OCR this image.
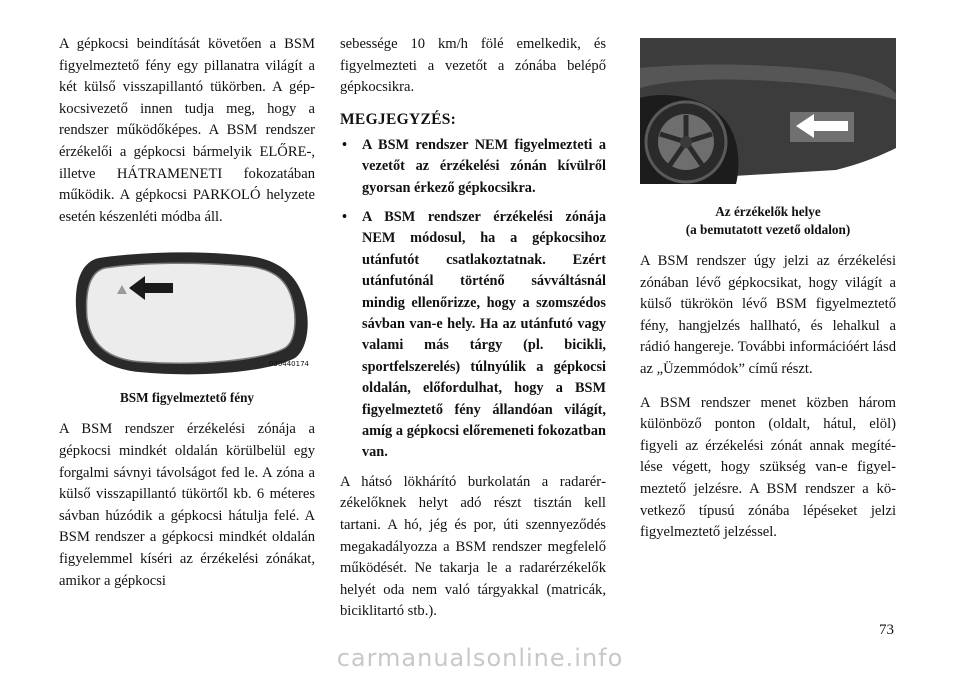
A gépkocsi beindítását követően a BSM figyelmeztető fény egy pillanatra világít a két külső visszapillantó tükörben. A gépkocsivezető innen tudja meg, hogy a rendszer működőképes. A BSM rendszer érzékelői a gépkocsi bármelyik ELŐRE-, illetve HÁTRAMENETI fokozatában működik. A gépkocsi PARKOLÓ helyzete esetén készenléti módba áll.

030440174
BSM figyelmeztető fény

A BSM rendszer érzékelési zónája a gépkocsi mindkét oldalán körülbelül egy forgalmi sávnyi távolságot fed le. A zóna a külső visszapillantó tükörtől kb. 6 méteres sávban húzódik a gépkocsi hátulja felé. A BSM rendszer a gépkocsi mindkét oldalán figyelemmel kíséri az érzékelési zónákat, amikor a gépkocsi

sebessége 10 km/h fölé emelkedik, és figyelmezteti a vezetőt a zónába belépő gépkocsikra.

MEGJEGYZÉS:
• A BSM rendszer NEM figyelmezteti a vezetőt az érzékelési zónán kívülről gyorsan érkező gépkocsikra.
• A BSM rendszer érzékelési zónája NEM módosul, ha a gépkocsihoz utánfutót csatlakoztatnak. Ezért utánfutónál történő sávváltásnál mindig ellenőrizze, hogy a szomszédos sávban van-e hely. Ha az utánfutó vagy valami más tárgy (pl. bicikli, sportfelszerelés) túlnyúlik a gépkocsi oldalán, előfordulhat, hogy a BSM figyelmeztető fény állandóan világít, amíg a gépkocsi előremeneti fokozatban van.

A hátsó lökhárító burkolatán a radarérzékelőknek helyt adó részt tisztán kell tartani. A hó, jég és por, úti szennyeződés megakadályozza a BSM rendszer megfelelő működését. Ne takarja le a radarérzékelők helyét oda nem való tárgyakkal (matricák, biciklitartó stb.).

035468893
Az érzékelők helye
(a bemutatott vezető oldalon)

A BSM rendszer úgy jelzi az érzékelési zónában lévő gépkocsikat, hogy világít a külső tükrökön lévő BSM figyelmeztető fény, hangjelzés hallható, és lehalkul a rádió hangereje. További információért lásd az „Üzemmódok” című részt.

A BSM rendszer menet közben három különböző ponton (oldalt, hátul, elöl) figyeli az érzékelési zónát annak megítélése végett, hogy szükség van-e figyelmeztető jelzésre. A BSM rendszer a következő típusú zónába lépéseket jelzi figyelmeztető jelzéssel.

73
carmanualsonline.info
